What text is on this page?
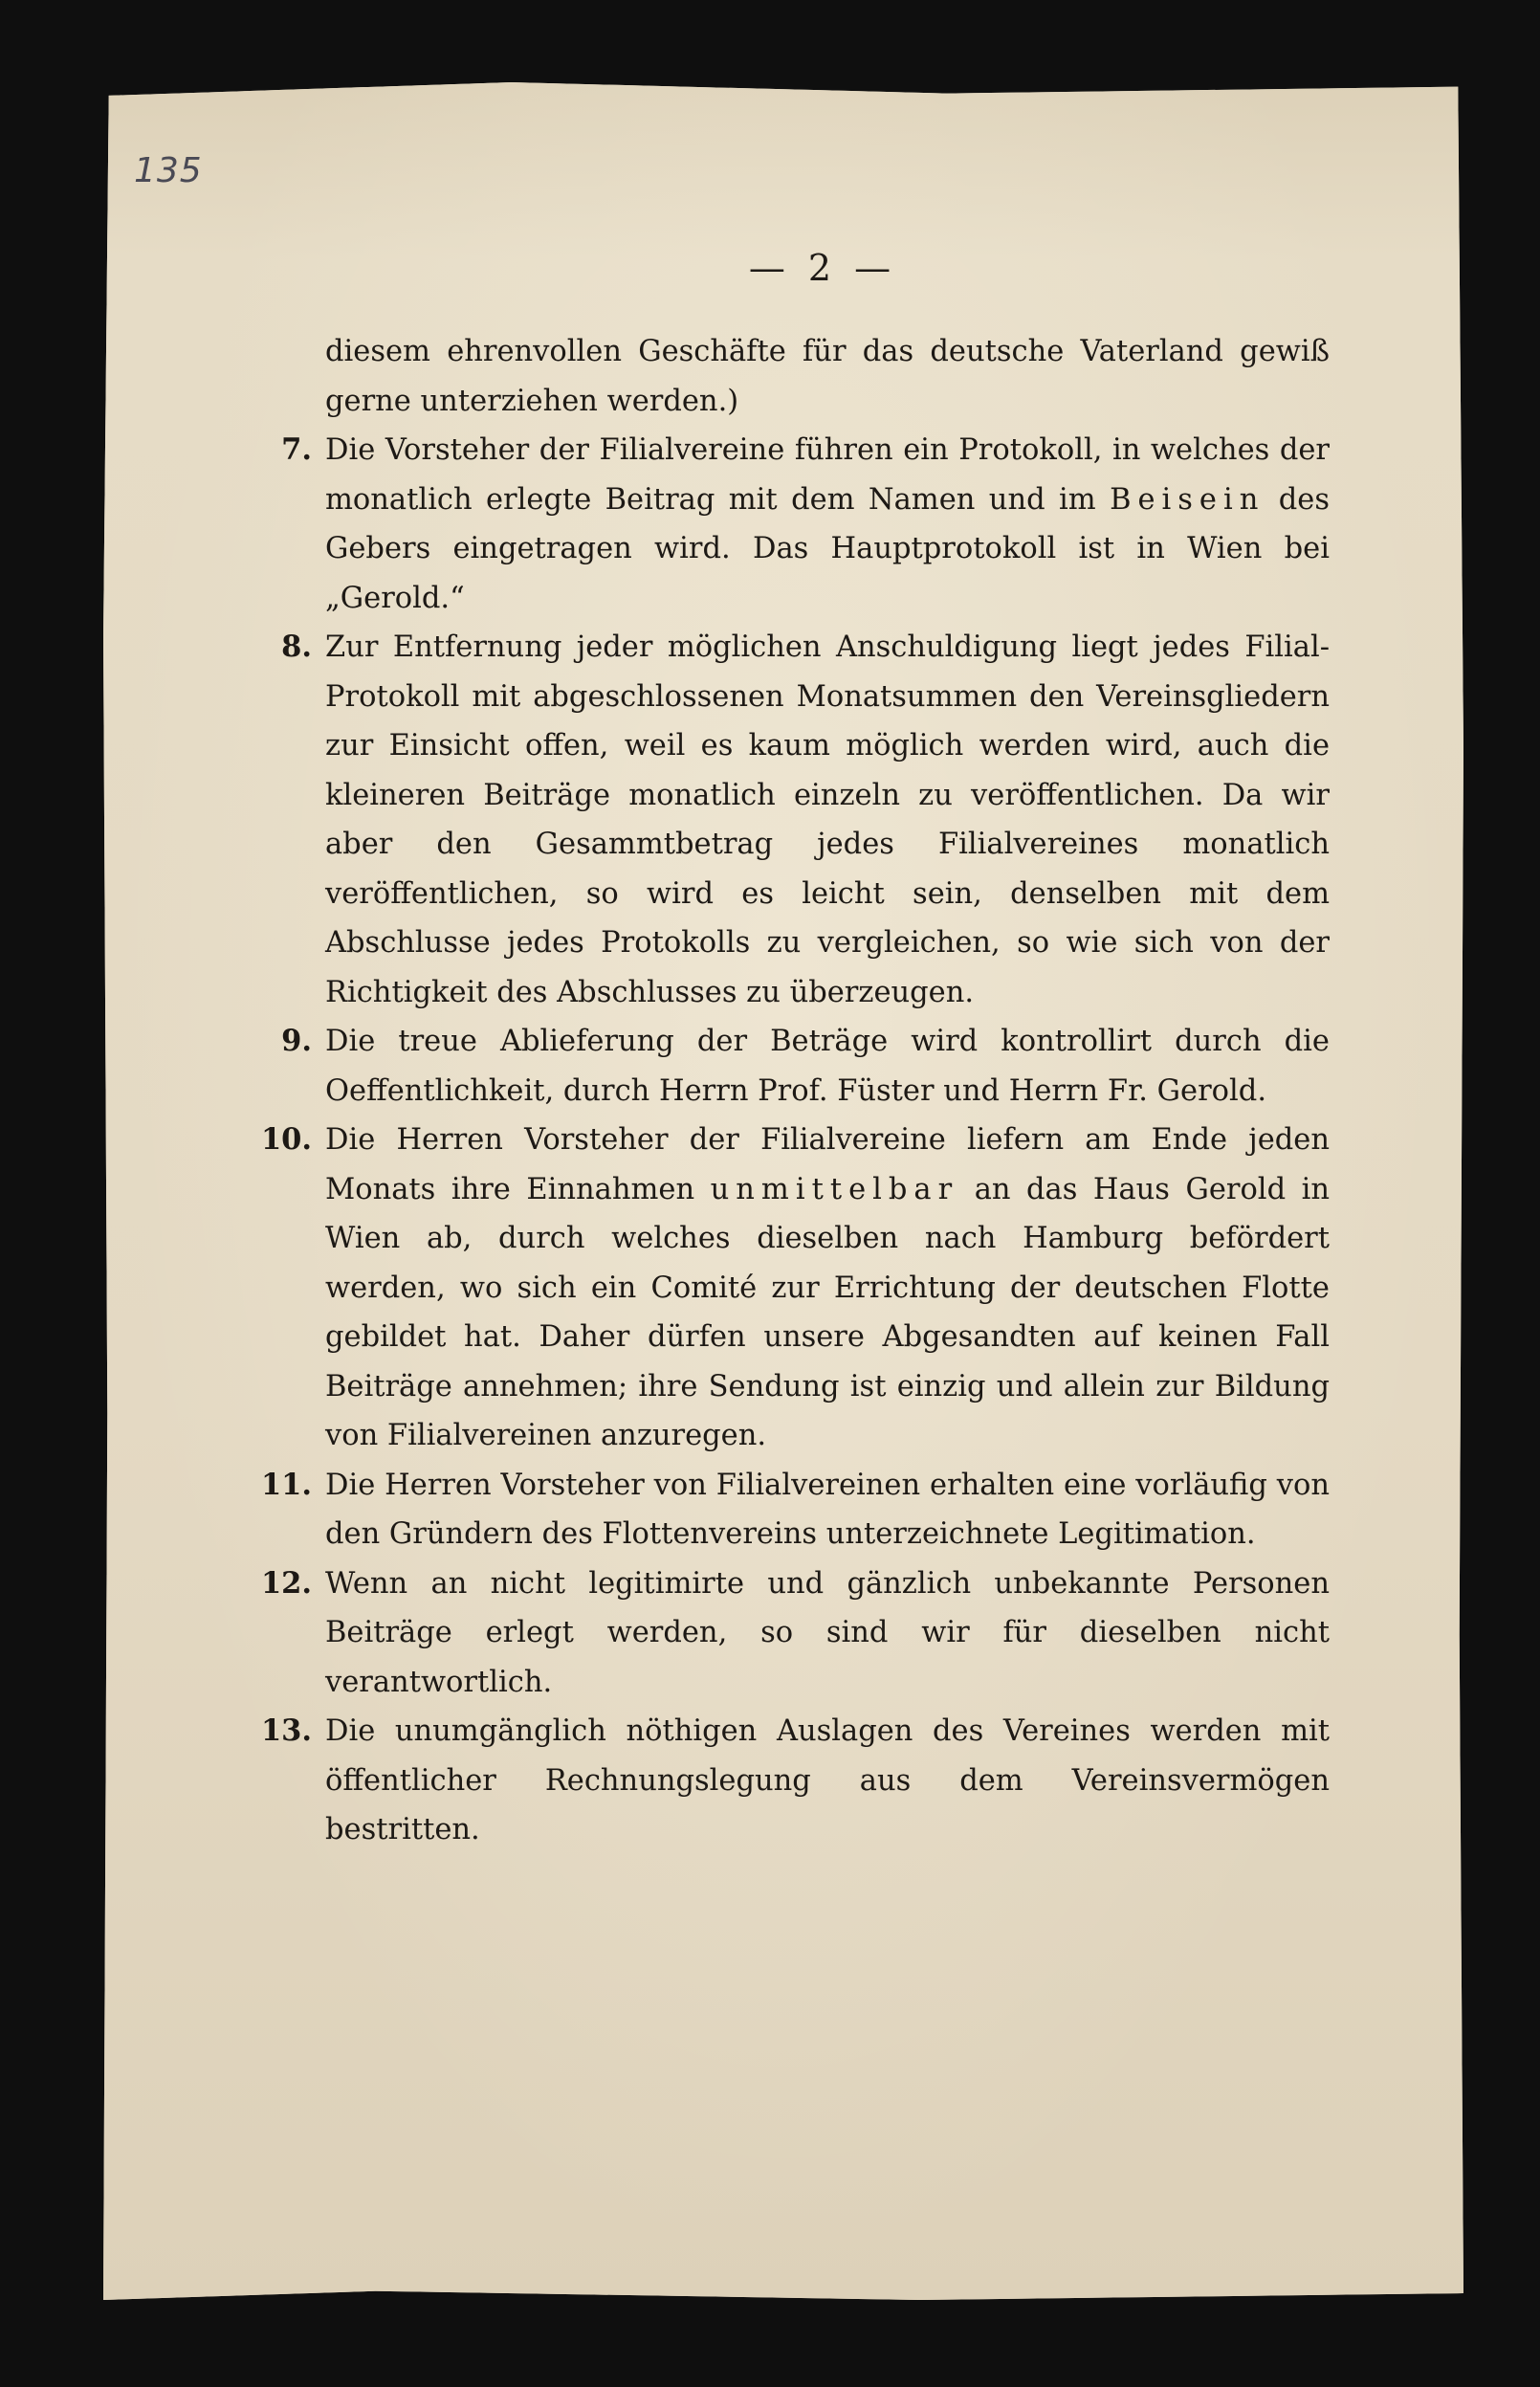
135
— 2 —

diesem ehrenvollen Geschäfte für das deutsche Vaterland gewiß gerne unterziehen werden.)

7. Die Vorsteher der Filialvereine führen ein Protokoll, in welches der monatlich erlegte Beitrag mit dem Namen und im Beisein des Gebers eingetragen wird. Das Hauptprotokoll ist in Wien bei „Gerold.“

8. Zur Entfernung jeder möglichen Anschuldigung liegt jedes Filial-Protokoll mit abgeschlossenen Monatsummen den Vereinsgliedern zur Einsicht offen, weil es kaum möglich werden wird, auch die kleineren Beiträge monatlich einzeln zu veröffentlichen. Da wir aber den Gesammtbetrag jedes Filialvereines monatlich veröffentlichen, so wird es leicht sein, denselben mit dem Abschlusse jedes Protokolls zu vergleichen, so wie sich von der Richtigkeit des Abschlusses zu überzeugen.

9. Die treue Ablieferung der Beträge wird kontrollirt durch die Oeffentlichkeit, durch Herrn Prof. Füster und Herrn Fr. Gerold.

10. Die Herren Vorsteher der Filialvereine liefern am Ende jeden Monats ihre Einnahmen unmittelbar an das Haus Gerold in Wien ab, durch welches dieselben nach Hamburg befördert werden, wo sich ein Comité zur Errichtung der deutschen Flotte gebildet hat. Daher dürfen unsere Abgesandten auf keinen Fall Beiträge annehmen; ihre Sendung ist einzig und allein zur Bildung von Filialvereinen anzuregen.

11. Die Herren Vorsteher von Filialvereinen erhalten eine vorläufig von den Gründern des Flottenvereins unterzeichnete Legitimation.

12. Wenn an nicht legitimirte und gänzlich unbekannte Personen Beiträge erlegt werden, so sind wir für dieselben nicht verantwortlich.

13. Die unumgänglich nöthigen Auslagen des Vereines werden mit öffentlicher Rechnungslegung aus dem Vereinsvermögen bestritten.
